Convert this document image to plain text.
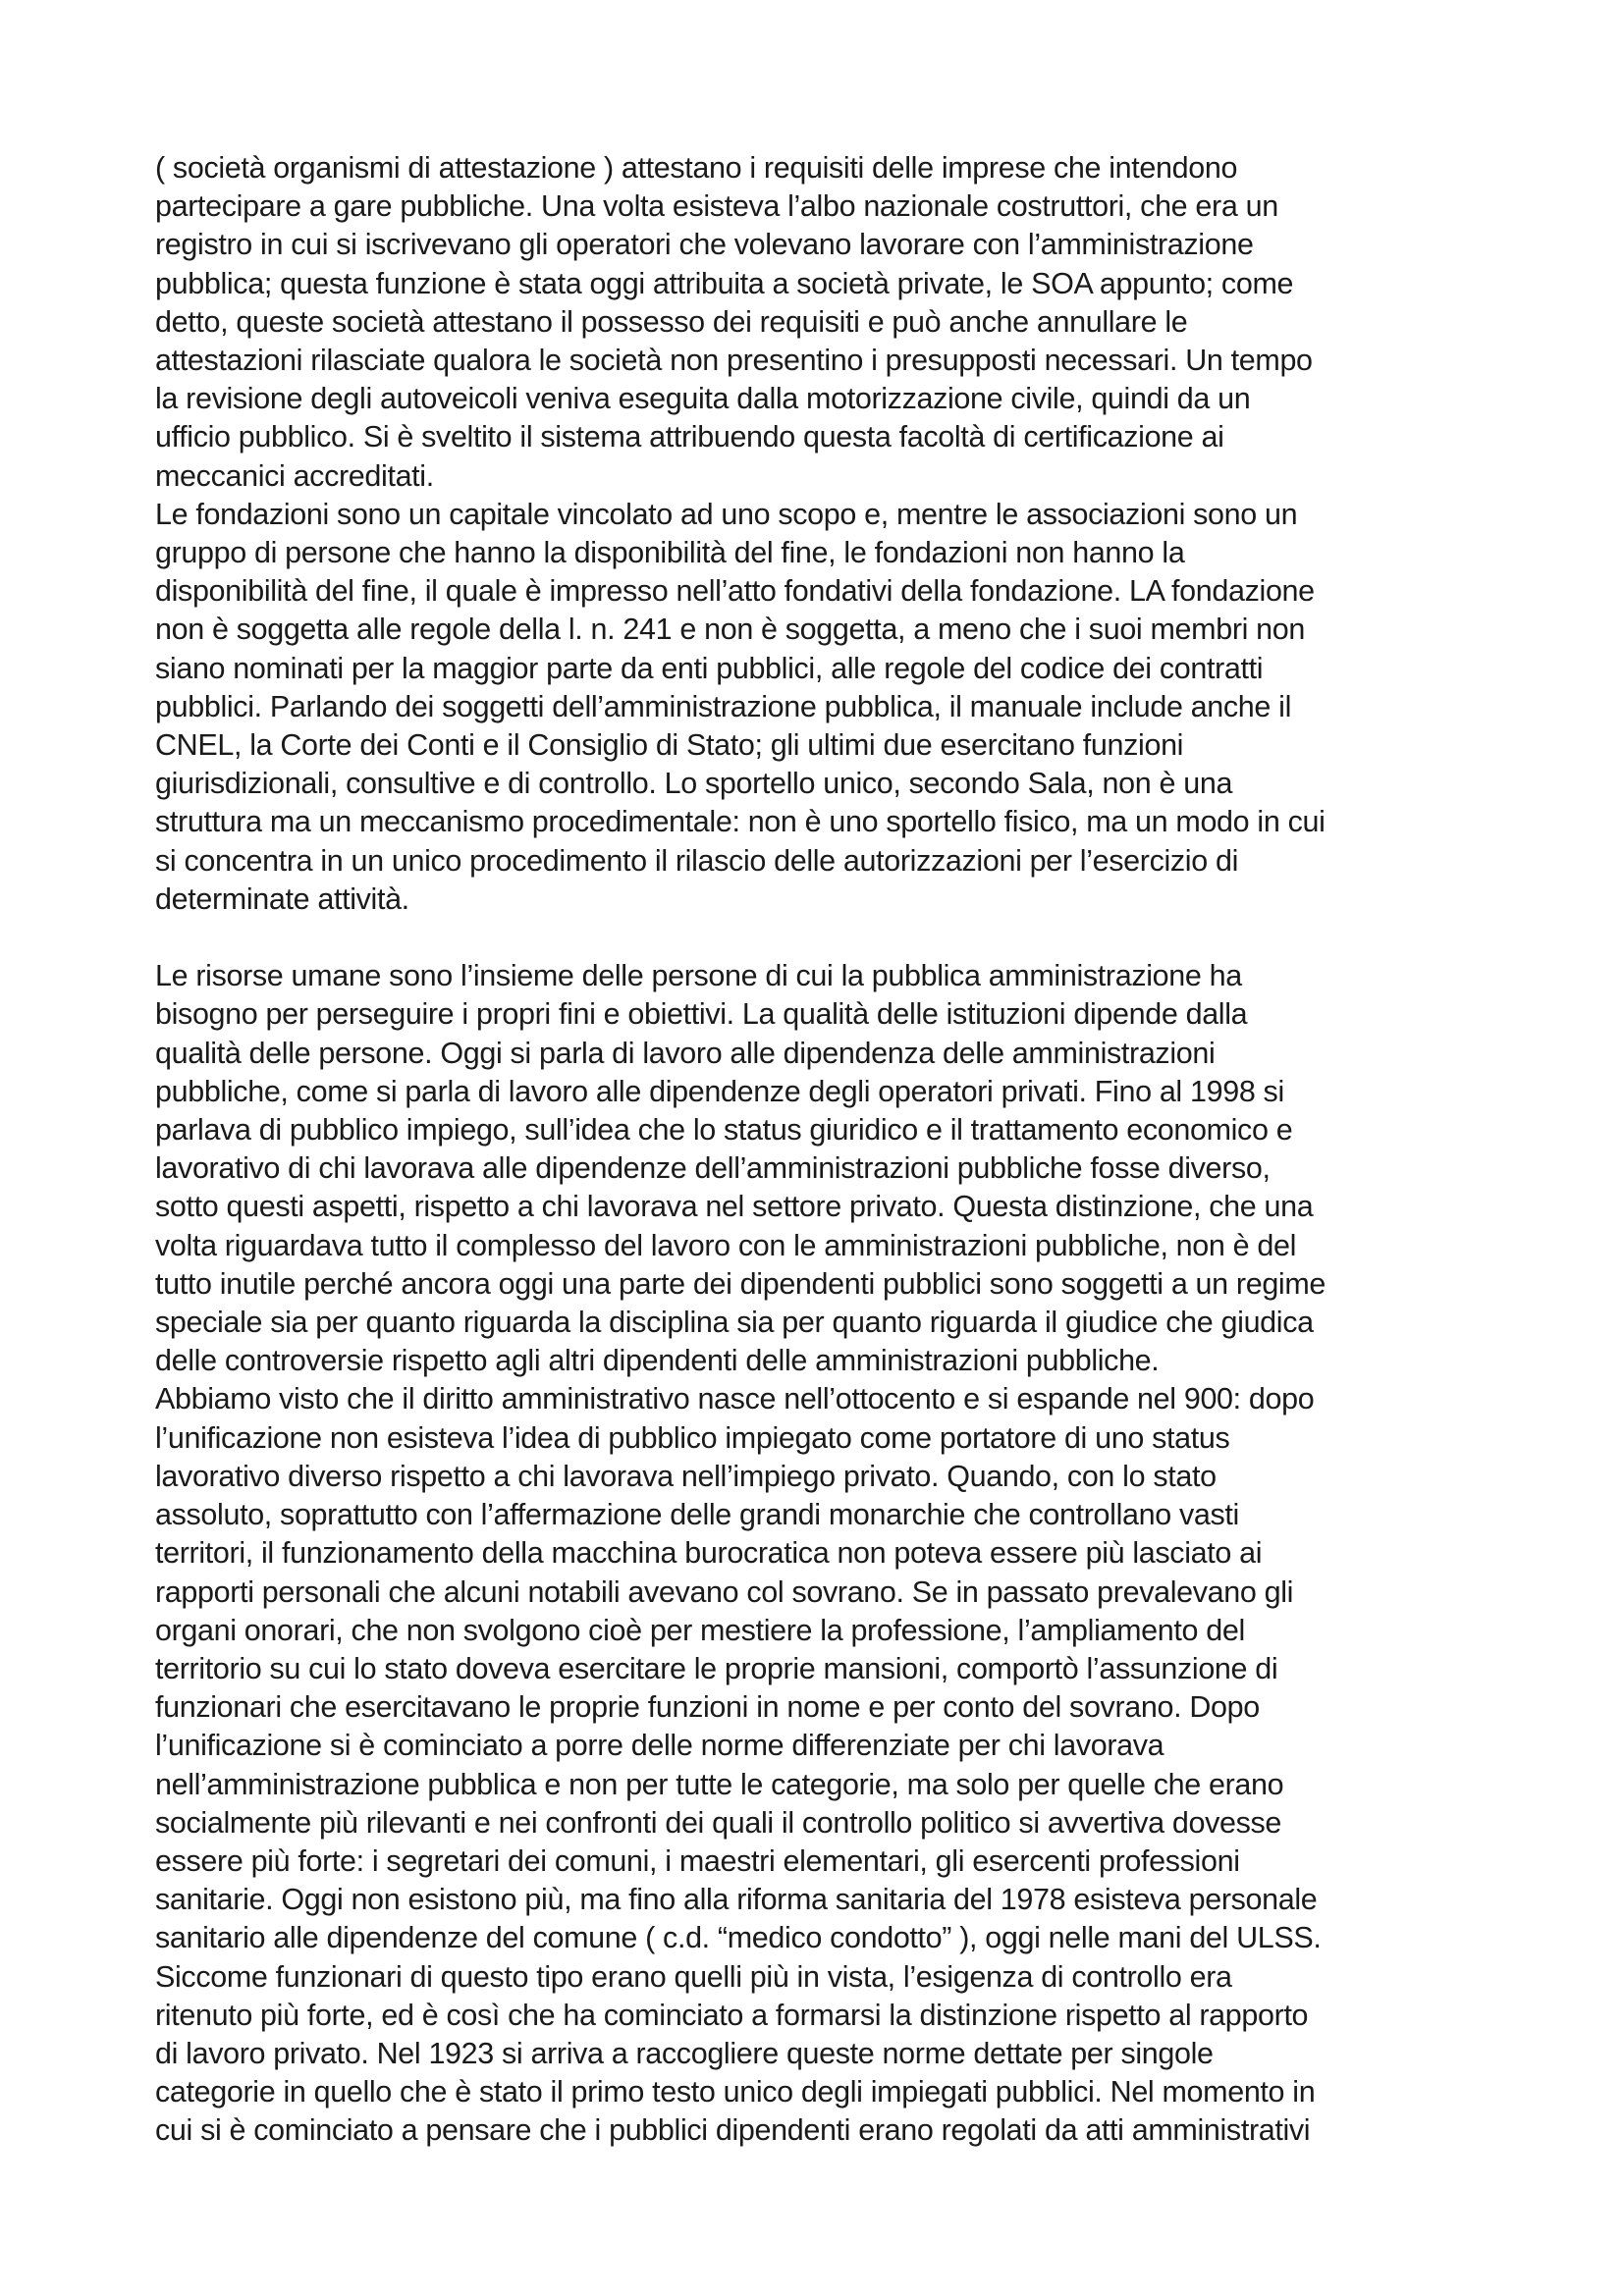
( società organismi di attestazione ) attestano i requisiti delle imprese che intendono
partecipare a gare pubbliche. Una volta esisteva l’albo nazionale costruttori, che era un
registro in cui si iscrivevano gli operatori che volevano lavorare con l’amministrazione
pubblica; questa funzione è stata oggi attribuita a società private, le SOA appunto; come
detto, queste società attestano il possesso dei requisiti e può anche annullare le
attestazioni rilasciate qualora le società non presentino i presupposti necessari. Un tempo
la revisione degli autoveicoli veniva eseguita dalla motorizzazione civile, quindi da un
ufficio pubblico. Si è sveltito il sistema attribuendo questa facoltà di certificazione ai
meccanici accreditati.

Le fondazioni sono un capitale vincolato ad uno scopo e, mentre le associazioni sono un
gruppo di persone che hanno la disponibilità del fine, le fondazioni non hanno la
disponibilità del fine, il quale è impresso nell’atto fondativi della fondazione. LA fondazione
non è soggetta alle regole della l. n. 241 e non è soggetta, a meno che i suoi membri non
siano nominati per la maggior parte da enti pubblici, alle regole del codice dei contratti
pubblici. Parlando dei soggetti dell’amministrazione pubblica, il manuale include anche il
CNEL, la Corte dei Conti e il Consiglio di Stato; gli ultimi due esercitano funzioni
giurisdizionali, consultive e di controllo. Lo sportello unico, secondo Sala, non è una
struttura ma un meccanismo procedimentale: non è uno sportello fisico, ma un modo in cui
si concentra in un unico procedimento il rilascio delle autorizzazioni per l’esercizio di
determinate attività.

Le risorse umane sono l’insieme delle persone di cui la pubblica amministrazione ha
bisogno per perseguire i propri fini e obiettivi. La qualità delle istituzioni dipende dalla
qualità delle persone. Oggi si parla di lavoro alle dipendenza delle amministrazioni
pubbliche, come si parla di lavoro alle dipendenze degli operatori privati. Fino al 1998 si
parlava di pubblico impiego, sull’idea che lo status giuridico e il trattamento economico e
lavorativo di chi lavorava alle dipendenze dell’amministrazioni pubbliche fosse diverso,
sotto questi aspetti, rispetto a chi lavorava nel settore privato. Questa distinzione, che una
volta riguardava tutto il complesso del lavoro con le amministrazioni pubbliche, non è del
tutto inutile perché ancora oggi una parte dei dipendenti pubblici sono soggetti a un regime
speciale sia per quanto riguarda la disciplina sia per quanto riguarda il giudice che giudica
delle controversie rispetto agli altri dipendenti delle amministrazioni pubbliche.

Abbiamo visto che il diritto amministrativo nasce nell’ottocento e si espande nel 900: dopo
l’unificazione non esisteva l’idea di pubblico impiegato come portatore di uno status
lavorativo diverso rispetto a chi lavorava nell’impiego privato. Quando, con lo stato
assoluto, soprattutto con l’affermazione delle grandi monarchie che controllano vasti
territori, il funzionamento della macchina burocratica non poteva essere più lasciato ai
rapporti personali che alcuni notabili avevano col sovrano. Se in passato prevalevano gli
organi onorari, che non svolgono cioè per mestiere la professione, l’ampliamento del
territorio su cui lo stato doveva esercitare le proprie mansioni, comportò l’assunzione di
funzionari che esercitavano le proprie funzioni in nome e per conto del sovrano. Dopo
l’unificazione si è cominciato a porre delle norme differenziate per chi lavorava
nell’amministrazione pubblica e non per tutte le categorie, ma solo per quelle che erano
socialmente più rilevanti e nei confronti dei quali il controllo politico si avvertiva dovesse
essere più forte: i segretari dei comuni, i maestri elementari, gli esercenti professioni
sanitarie. Oggi non esistono più, ma fino alla riforma sanitaria del 1978 esisteva personale
sanitario alle dipendenze del comune ( c.d. “medico condotto” ), oggi nelle mani del ULSS.
Siccome funzionari di questo tipo erano quelli più in vista, l’esigenza di controllo era
ritenuto più forte, ed è così che ha cominciato a formarsi la distinzione rispetto al rapporto
di lavoro privato. Nel 1923 si arriva a raccogliere queste norme dettate per singole
categorie in quello che è stato il primo testo unico degli impiegati pubblici. Nel momento in
cui si è cominciato a pensare che i pubblici dipendenti erano regolati da atti amministrativi
